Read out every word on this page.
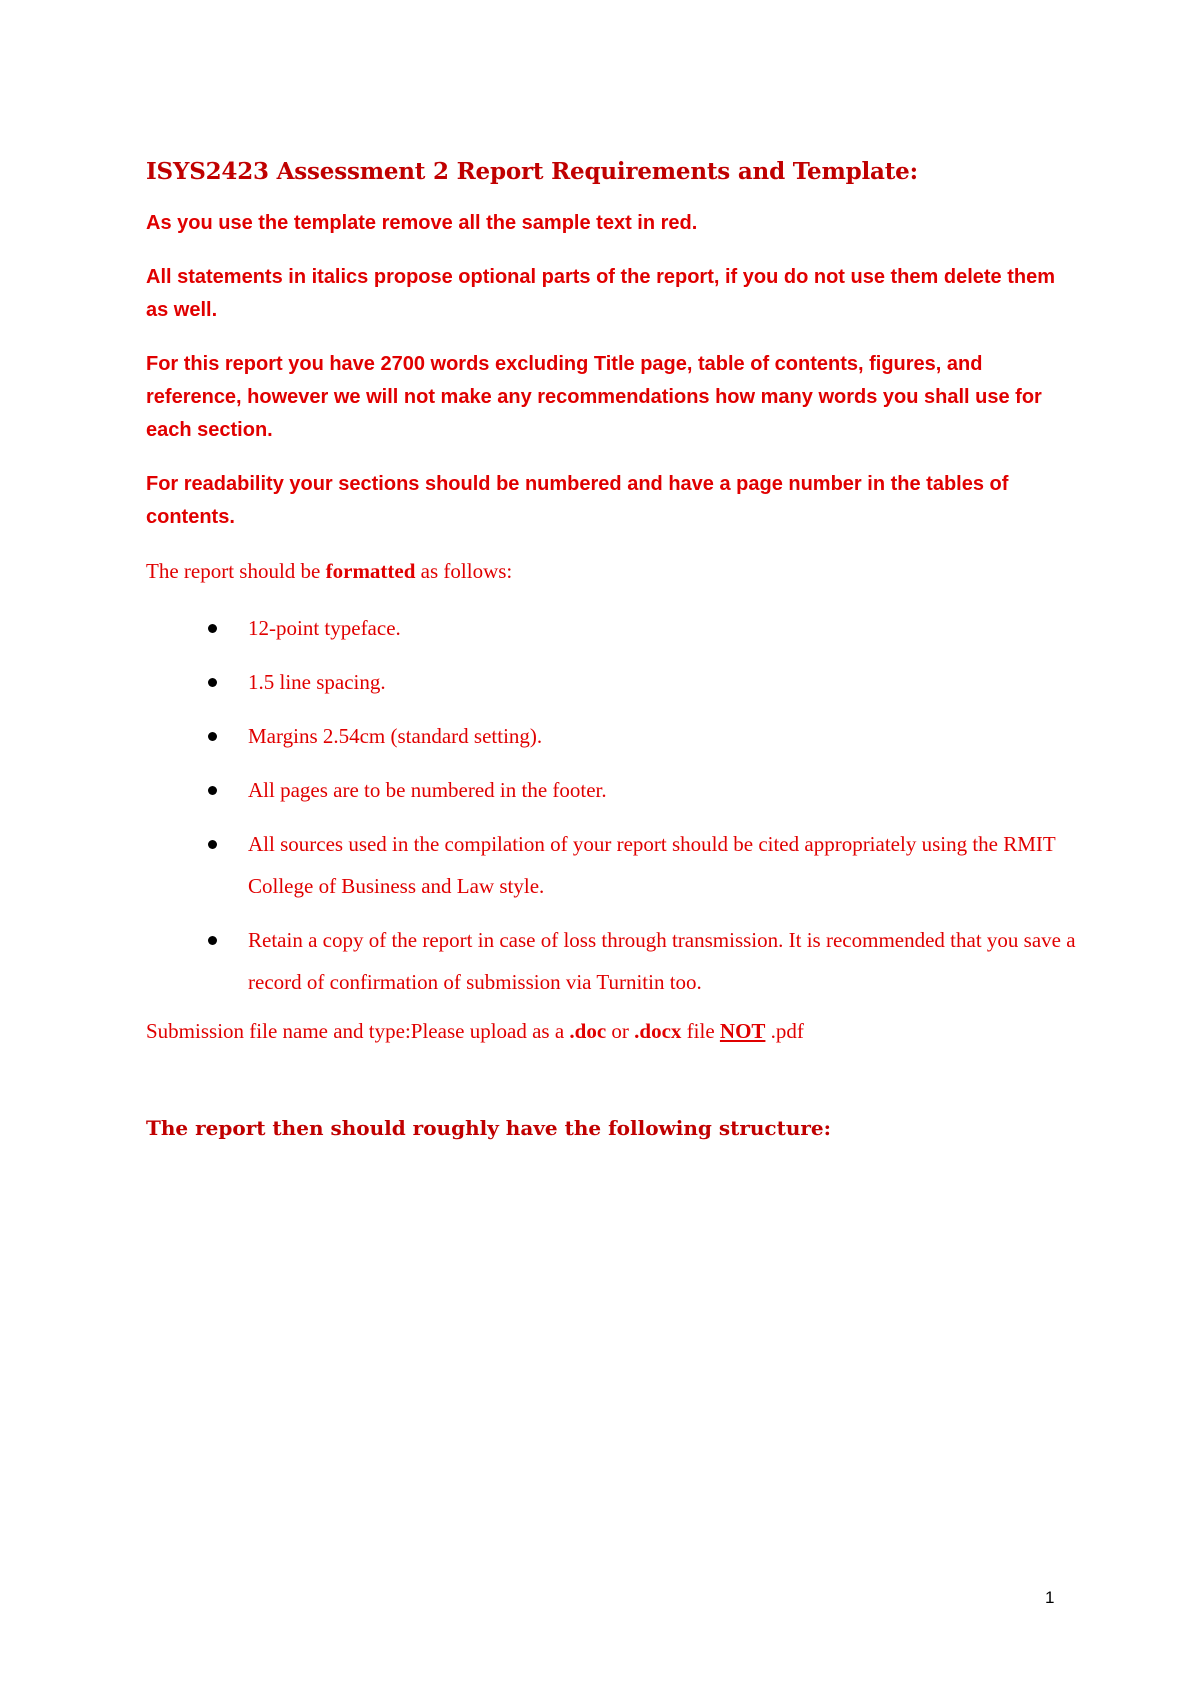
ISYS2423 Assessment 2 Report Requirements and Template:

As you use the template remove all the sample text in red.

All statements in italics propose optional parts of the report, if you do not use them delete them as well.

For this report you have 2700 words excluding Title page, table of contents, figures, and reference, however we will not make any recommendations how many words you shall use for each section.

For readability your sections should be numbered and have a page number in the tables of contents.

The report should be formatted as follows:

12-point typeface.
1.5 line spacing.
Margins 2.54cm (standard setting).
All pages are to be numbered in the footer.
All sources used in the compilation of your report should be cited appropriately using the RMIT College of Business and Law style.
Retain a copy of the report in case of loss through transmission. It is recommended that you save a record of confirmation of submission via Turnitin too.

Submission file name and type:Please upload as a .doc or .docx file NOT .pdf

The report then should roughly have the following structure:
1
